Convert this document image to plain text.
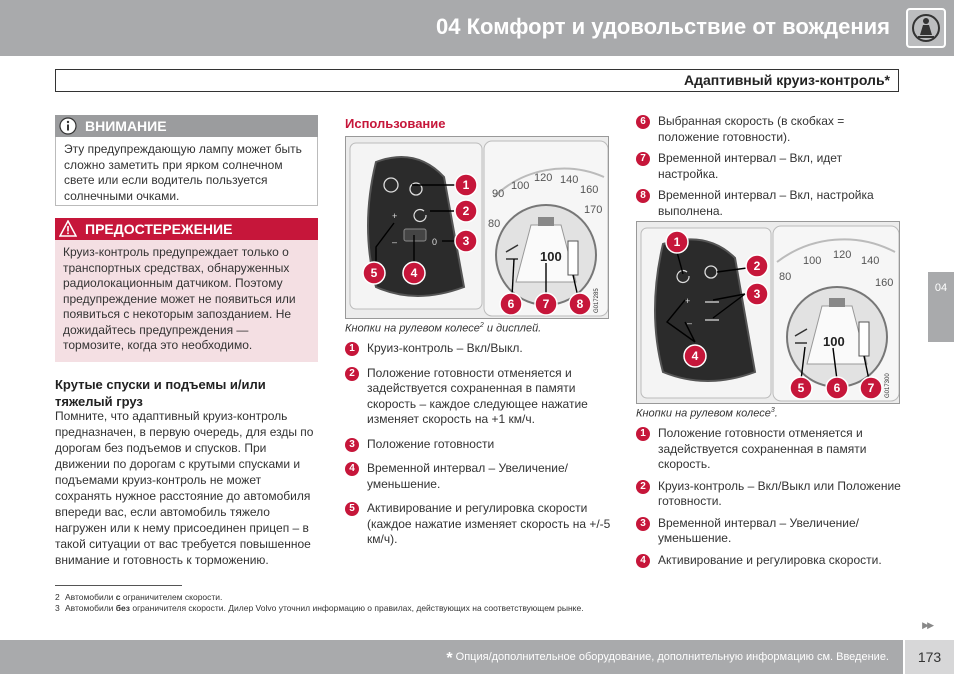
04 Комфорт и удовольствие от вождения
Адаптивный круиз-контроль*
ВНИМАНИЕ
Эту предупреждающую лампу может быть сложно заметить при ярком солнечном свете или если водитель пользуется солнечными очками.
ПРЕДОСТЕРЕЖЕНИЕ
Круиз-контроль предупреждает только о транспортных средствах, обнаруженных радиолокационным датчиком. Поэтому предупреждение может не появиться или появиться с некоторым запозданием. Не дожидайтесь предупреждения — тормозите, когда это необходимо.
Крутые спуски и подъемы и/или тяжелый груз
Помните, что адаптивный круиз-контроль предназначен, в первую очередь, для езды по дорогам без подъемов и спусков. При движении по дорогам с крутыми спусками и подъемами круиз-контроль не может сохранять нужное расстояние до автомобиля впереди вас, если автомобиль тяжело нагружен или к нему присоединен прицеп – в такой ситуации от вас требуется повышенное внимание и готовность к торможению.
Использование
+
–	0
100
120 140
160
170
90
80
100
G017285
1
2
3
4
5
6 7 8
Кнопки на рулевом колесе$^2$ и дисплей.
1	Круиз-контроль – Вкл/Выкл.
2	Положение готовности отменяется и задействуется сохраненная в памяти скорость – каждое следующее нажатие изменяет скорость на +1 км/ч.
3	Положение готовности
4	Временной интервал – Увеличение/уменьшение.
5	Активирование и регулировка скорости (каждое нажатие изменяет скорость на +/-5 км/ч).
6	Выбранная скорость (в скобках = положение готовности).
7	Временной интервал – Вкл, идет настройка.
8	Временной интервал – Вкл, настройка выполнена.
+
–
100 120 140
160
80
100
G017300
1
2
3
4
5 6 7
Кнопки на рулевом колесе$^3$.
1	Положение готовности отменяется и задействуется сохраненная в памяти скорость.
2	Круиз-контроль – Вкл/Выкл или Положение готовности.
3	Временной интервал – Увеличение/уменьшение.
4	Активирование и регулировка скорости.
04
2 Автомобили с ограничителем скорости.
3 Автомобили без ограничителя скорости. Дилер Volvo уточнил информацию о правилах, действующих на соответствующем рынке.
▶▶
* Опция/дополнительное оборудование, дополнительную информацию см. Введение.	173
